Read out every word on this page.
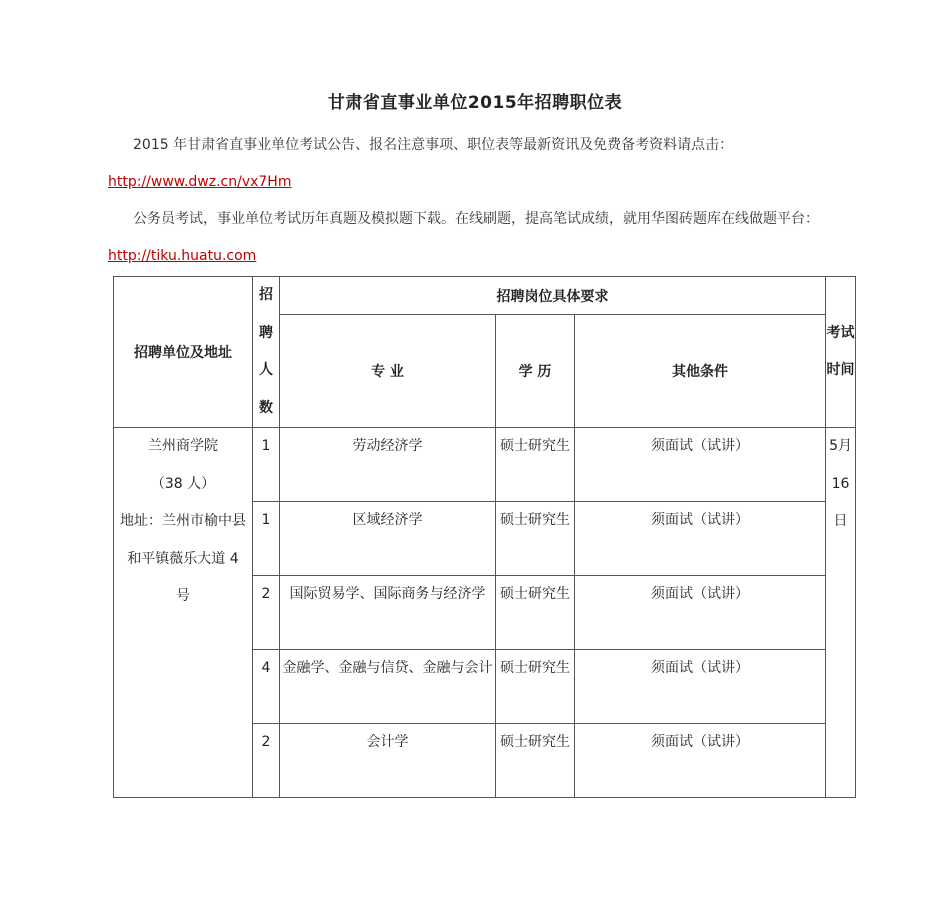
甘肃省直事业单位2015年招聘职位表
2015 年甘肃省直事业单位考试公告、报名注意事项、职位表等最新资讯及免费备考资料请点击：http://www.dwz.cn/vx7Hm
公务员考试，事业单位考试历年真题及模拟题下载。在线刷题，提高笔试成绩，就用华图砖题库在线做题平台：http://tiku.huatu.com
招聘单位及地址	招聘人数	招聘岗位具体要求			考试时间
		专 业	学 历	其他条件	

兰州商学院
（38 人）
地址：兰州市榆中县和平镇薇乐大道 4 号	1	劳动经济学	硕士研究生	须面试（试讲）	5月16日
	1	区域经济学	硕士研究生	须面试（试讲）	
	2	国际贸易学、国际商务与经济学	硕士研究生	须面试（试讲）	
	4	金融学、金融与信贷、金融与会计	硕士研究生	须面试（试讲）	
	2	会计学	硕士研究生	须面试（试讲）	
